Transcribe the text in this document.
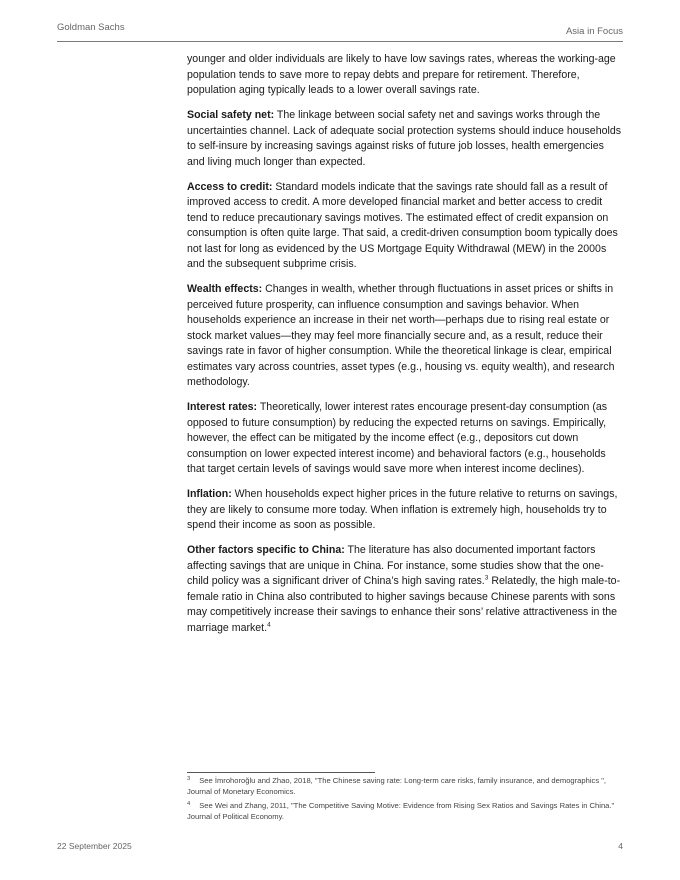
Goldman Sachs	Asia in Focus

younger and older individuals are likely to have low savings rates, whereas the working-age population tends to save more to repay debts and prepare for retirement. Therefore, population aging typically leads to a lower overall savings rate.

Social safety net: The linkage between social safety net and savings works through the uncertainties channel. Lack of adequate social protection systems should induce households to self-insure by increasing savings against risks of future job losses, health emergencies and living much longer than expected.

Access to credit: Standard models indicate that the savings rate should fall as a result of improved access to credit. A more developed financial market and better access to credit tend to reduce precautionary savings motives. The estimated effect of credit expansion on consumption is often quite large. That said, a credit-driven consumption boom typically does not last for long as evidenced by the US Mortgage Equity Withdrawal (MEW) in the 2000s and the subsequent subprime crisis.

Wealth effects: Changes in wealth, whether through fluctuations in asset prices or shifts in perceived future prosperity, can influence consumption and savings behavior. When households experience an increase in their net worth—perhaps due to rising real estate or stock market values—they may feel more financially secure and, as a result, reduce their savings rate in favor of higher consumption. While the theoretical linkage is clear, empirical estimates vary across countries, asset types (e.g., housing vs. equity wealth), and research methodology.

Interest rates: Theoretically, lower interest rates encourage present-day consumption (as opposed to future consumption) by reducing the expected returns on savings. Empirically, however, the effect can be mitigated by the income effect (e.g., depositors cut down consumption on lower expected interest income) and behavioral factors (e.g., households that target certain levels of savings would save more when interest income declines).

Inflation: When households expect higher prices in the future relative to returns on savings, they are likely to consume more today. When inflation is extremely high, households try to spend their income as soon as possible.

Other factors specific to China: The literature has also documented important factors affecting savings that are unique in China. For instance, some studies show that the one-child policy was a significant driver of China’s high saving rates.$^3$ Relatedly, the high male-to-female ratio in China also contributed to higher savings because Chinese parents with sons may competitively increase their savings to enhance their sons’ relative attractiveness in the marriage market.$^4$

$^3$ See İmrohoroğlu and Zhao, 2018, "The Chinese saving rate: Long-term care risks, family insurance, and demographics ", Journal of Monetary Economics.
$^4$ See Wei and Zhang, 2011, "The Competitive Saving Motive: Evidence from Rising Sex Ratios and Savings Rates in China." Journal of Political Economy.
22 September 2025	4
